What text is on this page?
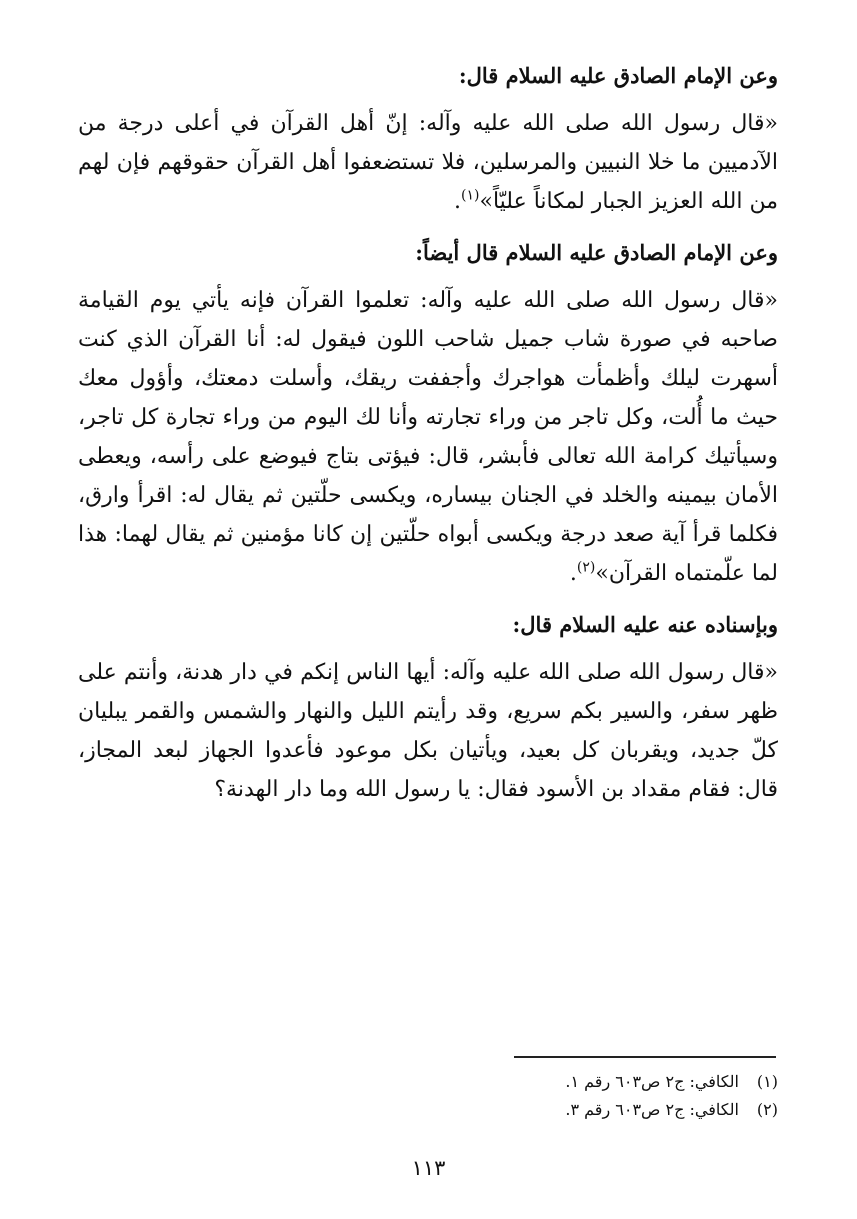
وعن الإمام الصادق عليه السلام قال:

«قال رسول الله صلى الله عليه وآله: إنّ أهل القرآن في أعلى درجة من الآدميين ما خلا النبيين والمرسلين، فلا تستضعفوا أهل القرآن حقوقهم فإن لهم من الله العزيز الجبار لمكاناً عليّاً»$^{(١)}$.

وعن الإمام الصادق عليه السلام قال أيضاً:

«قال رسول الله صلى الله عليه وآله: تعلموا القرآن فإنه يأتي يوم القيامة صاحبه في صورة شاب جميل شاحب اللون فيقول له: أنا القرآن الذي كنت أسهرت ليلك وأظمأت هواجرك وأجففت ريقك، وأسلت دمعتك، وأؤول معك حيث ما أُلت، وكل تاجر من وراء تجارته وأنا لك اليوم من وراء تجارة كل تاجر، وسيأتيك كرامة الله تعالى فأبشر، قال: فيؤتى بتاج فيوضع على رأسه، ويعطى الأمان بيمينه والخلد في الجنان بيساره، ويكسى حلّتين ثم يقال له: اقرأ وارق، فكلما قرأ آية صعد درجة ويكسى أبواه حلّتين إن كانا مؤمنين ثم يقال لهما: هذا لما علّمتماه القرآن»$^{(٢)}$.

وبإسناده عنه عليه السلام قال:

«قال رسول الله صلى الله عليه وآله: أيها الناس إنكم في دار هدنة، وأنتم على ظهر سفر، والسير بكم سريع، وقد رأيتم الليل والنهار والشمس والقمر يبليان كلّ جديد، ويقربان كل بعيد، ويأتيان بكل موعود فأعدوا الجهاز لبعد المجاز، قال: فقام مقداد بن الأسود فقال: يا رسول الله وما دار الهدنة؟

(١) الكافي: ج٢ ص٦٠٣ رقم ١.
(٢) الكافي: ج٢ ص٦٠٣ رقم ٣.
١١٣
